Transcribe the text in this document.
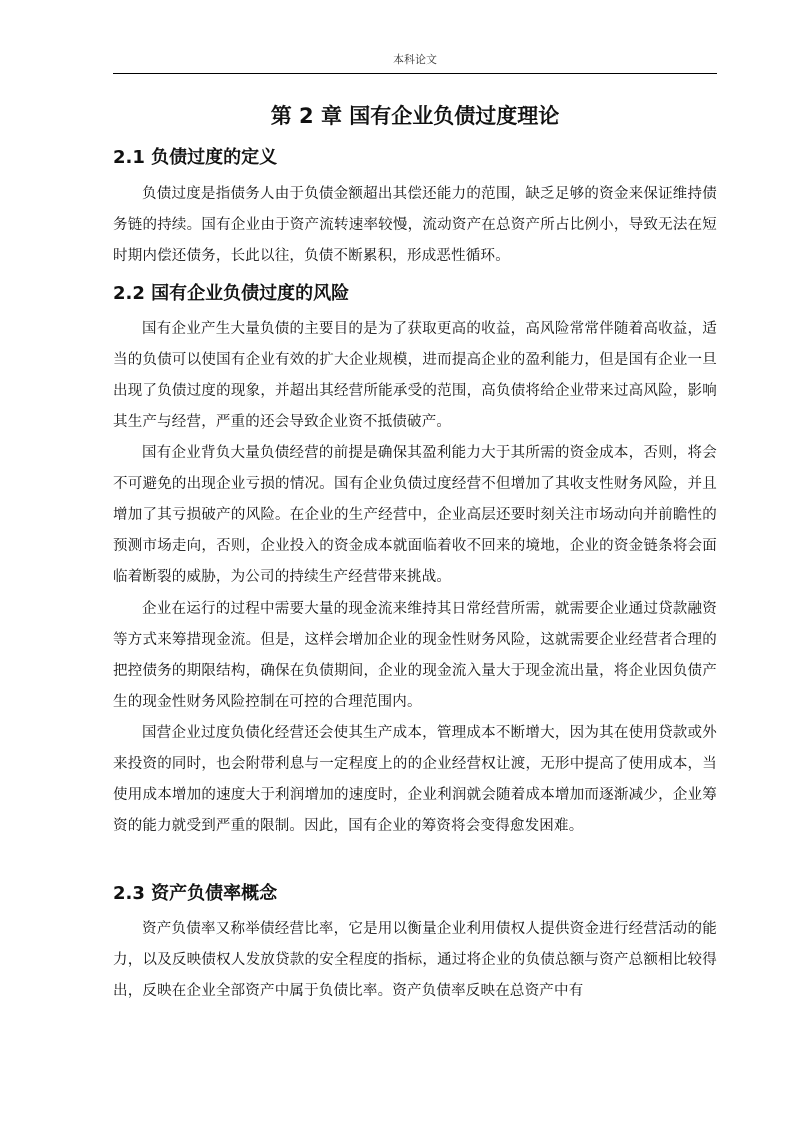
本科论文
第 2 章 国有企业负债过度理论
2.1 负债过度的定义

负债过度是指债务人由于负债金额超出其偿还能力的范围，缺乏足够的资金来保证维持债务链的持续。国有企业由于资产流转速率较慢，流动资产在总资产所占比例小，导致无法在短时期内偿还债务，长此以往，负债不断累积，形成恶性循环。

2.2 国有企业负债过度的风险

国有企业产生大量负债的主要目的是为了获取更高的收益，高风险常常伴随着高收益，适当的负债可以使国有企业有效的扩大企业规模，进而提高企业的盈利能力，但是国有企业一旦出现了负债过度的现象，并超出其经营所能承受的范围，高负债将给企业带来过高风险，影响其生产与经营，严重的还会导致企业资不抵债破产。

国有企业背负大量负债经营的前提是确保其盈利能力大于其所需的资金成本，否则，将会不可避免的出现企业亏损的情况。国有企业负债过度经营不但增加了其收支性财务风险，并且增加了其亏损破产的风险。在企业的生产经营中，企业高层还要时刻关注市场动向并前瞻性的预测市场走向，否则，企业投入的资金成本就面临着收不回来的境地，企业的资金链条将会面临着断裂的威胁，为公司的持续生产经营带来挑战。

企业在运行的过程中需要大量的现金流来维持其日常经营所需，就需要企业通过贷款融资等方式来筹措现金流。但是，这样会增加企业的现金性财务风险，这就需要企业经营者合理的把控债务的期限结构，确保在负债期间，企业的现金流入量大于现金流出量，将企业因负债产生的现金性财务风险控制在可控的合理范围内。

国营企业过度负债化经营还会使其生产成本，管理成本不断增大，因为其在使用贷款或外来投资的同时，也会附带利息与一定程度上的的企业经营权让渡，无形中提高了使用成本，当使用成本增加的速度大于利润增加的速度时，企业利润就会随着成本增加而逐渐减少，企业筹资的能力就受到严重的限制。因此，国有企业的筹资将会变得愈发困难。

2.3 资产负债率概念

资产负债率又称举债经营比率，它是用以衡量企业利用债权人提供资金进行经营活动的能力，以及反映债权人发放贷款的安全程度的指标，通过将企业的负债总额与资产总额相比较得出，反映在企业全部资产中属于负债比率。资产负债率反映在总资产中有
